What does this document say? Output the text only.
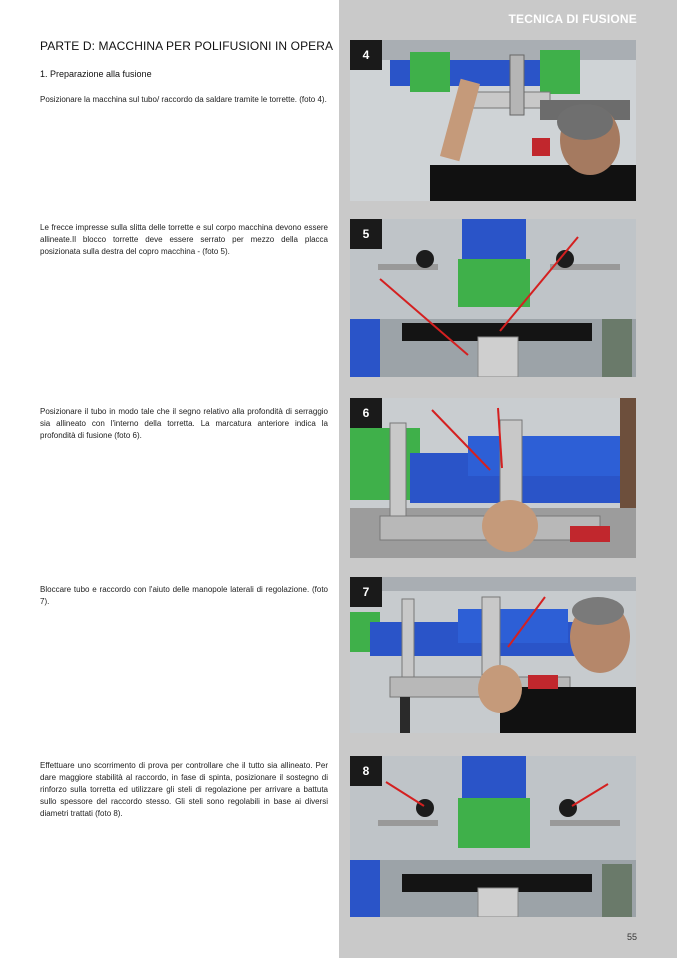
TECNICA DI FUSIONE
PARTE D: MACCHINA PER POLIFUSIONI IN OPERA
1. Preparazione alla fusione
Posizionare la macchina sul tubo/ raccordo da saldare tramite le torrette. (foto 4).
Le frecce impresse sulla slitta delle torrette e sul corpo macchina devono essere allineate.Il blocco torrette deve essere serrato per mezzo della placca posizionata sulla destra del copro macchina - (foto 5).
Posizionare il tubo in modo tale che il segno relativo alla profondità di serraggio sia allineato con l'interno della torretta. La marcatura anteriore indica la profondità di fusione (foto 6).
Bloccare tubo e raccordo con l'aiuto delle manopole laterali di regolazione. (foto 7).
Effettuare uno scorrimento di prova per controllare che il tutto sia allineato. Per dare maggiore stabilità al raccordo, in fase di spinta, posizionare il sostegno di rinforzo sulla torretta ed utilizzare gli steli di regolazione per arrivare a battuta sullo spessore del raccordo stesso. Gli steli sono regolabili in base ai diversi diametri trattati (foto 8).
4
5
6
7
8
55
